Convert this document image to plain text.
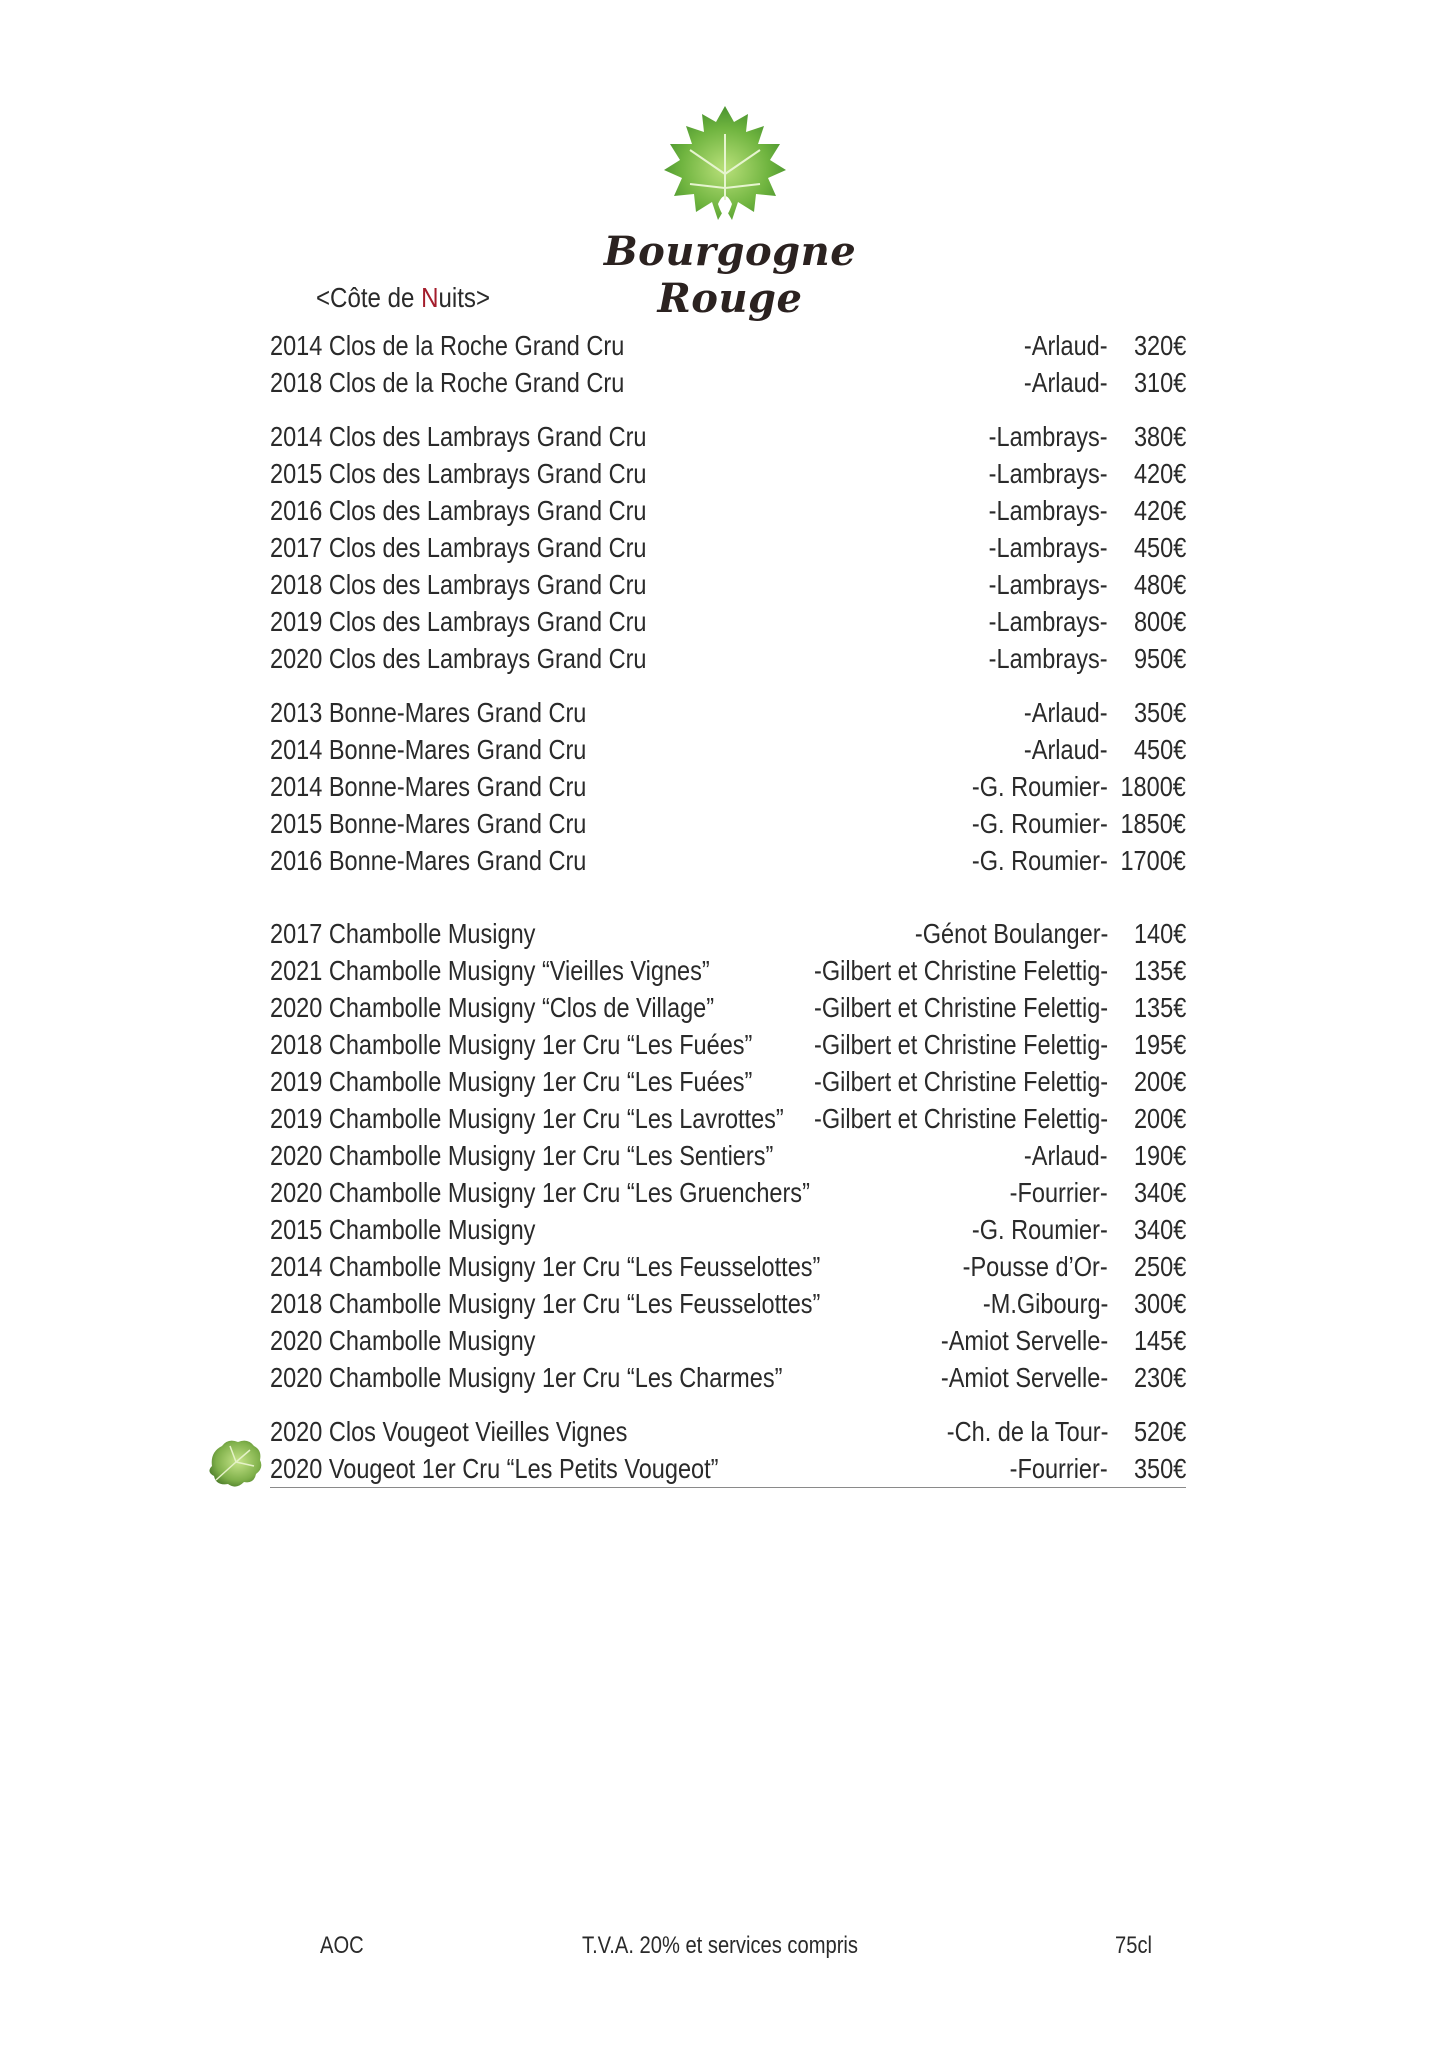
Bourgogne Rouge
<Côte de Nuits>
2014 Clos de la Roche Grand Cru	-Arlaud- 320€
2018 Clos de la Roche Grand Cru	-Arlaud- 310€
2014 Clos des Lambrays Grand Cru	-Lambrays- 380€
2015 Clos des Lambrays Grand Cru	-Lambrays- 420€
2016 Clos des Lambrays Grand Cru	-Lambrays- 420€
2017 Clos des Lambrays Grand Cru	-Lambrays- 450€
2018 Clos des Lambrays Grand Cru	-Lambrays- 480€
2019 Clos des Lambrays Grand Cru	-Lambrays- 800€
2020 Clos des Lambrays Grand Cru	-Lambrays- 950€
2013 Bonne-Mares Grand Cru	-Arlaud- 350€
2014 Bonne-Mares Grand Cru	-Arlaud- 450€
2014 Bonne-Mares Grand Cru	-G. Roumier- 1800€
2015 Bonne-Mares Grand Cru	-G. Roumier- 1850€
2016 Bonne-Mares Grand Cru	-G. Roumier- 1700€
2017 Chambolle Musigny	-Génot Boulanger- 140€
2021 Chambolle Musigny “Vieilles Vignes”	-Gilbert et Christine Felettig- 135€
2020 Chambolle Musigny “Clos de Village”	-Gilbert et Christine Felettig- 135€
2018 Chambolle Musigny 1er Cru “Les Fuées” -Gilbert et Christine Felettig- 195€
2019 Chambolle Musigny 1er Cru “Les Fuées” -Gilbert et Christine Felettig- 200€
2019 Chambolle Musigny 1er Cru “Les Lavrottes” -Gilbert et Christine Felettig- 200€
2020 Chambolle Musigny 1er Cru “Les Sentiers”	-Arlaud- 190€
2020 Chambolle Musigny 1er Cru “Les Gruenchers”	-Fourrier- 340€
2015 Chambolle Musigny	-G. Roumier- 340€
2014 Chambolle Musigny 1er Cru “Les Feusselottes”	-Pousse d’Or- 250€
2018 Chambolle Musigny 1er Cru “Les Feusselottes”	-M.Gibourg- 300€
2020 Chambolle Musigny	-Amiot Servelle- 145€
2020 Chambolle Musigny 1er Cru “Les Charmes”	-Amiot Servelle- 230€
2020 Clos Vougeot Vieilles Vignes	-Ch. de la Tour- 520€
2020 Vougeot 1er Cru “Les Petits Vougeot”	-Fourrier- 350€
AOC	T.V.A. 20% et services compris	75cl
